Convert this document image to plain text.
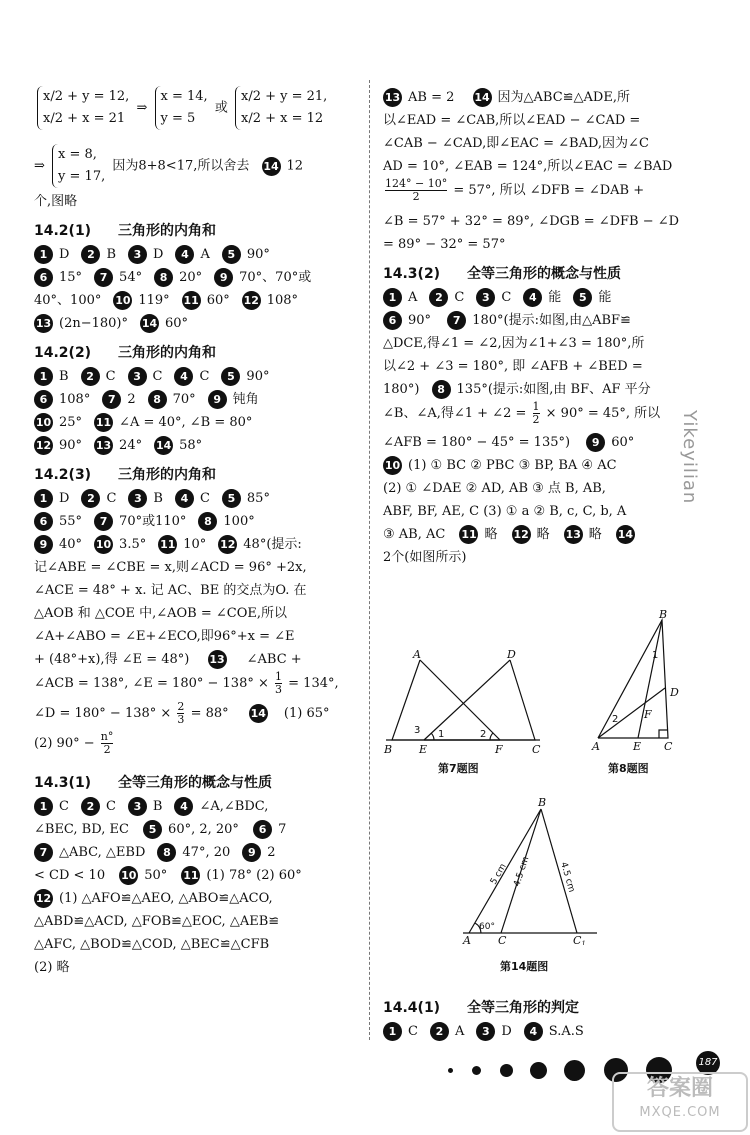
x/2 + y = 12,
x/2 + x = 21
⇒
x = 14,
y = 5
或
x/2 + y = 21,
x/2 + x = 12
⇒
x = 8,
y = 17,
因为8+8<17,所以舍去 14 12
个,图略
14.2(1) 三角形的内角和
1 D 2 B 3 D 4 A 5 90°
6 15° 7 54° 8 20° 9 70°、70°或
40°、100° 10 119° 11 60° 12 108°
13 (2n−180)° 14 60°
14.2(2) 三角形的内角和
1 B 2 C 3 C 4 C 5 90°
6 108° 7 2 8 70° 9 钝角
10 25° 11 ∠A = 40°, ∠B = 80°
12 90° 13 24° 14 58°
14.2(3) 三角形的内角和
1 D 2 C 3 B 4 C 5 85°
6 55° 7 70°或110° 8 100°
9 40° 10 3.5° 11 10° 12 48°(提示:
记∠ABE = ∠CBE = x,则∠ACD = 96° +2x,
∠ACE = 48° + x. 记 AC、BE 的交点为O. 在
△AOB 和 △COE 中,∠AOB = ∠COE,所以
∠A+∠ABO = ∠E+∠ECO,即96°+x = ∠E
+ (48°+x),得 ∠E = 48°) 13 ∠ABC +
∠ACB = 138°, ∠E = $180^\circ - 138^\circ \times \frac{1}{3} = 134^\circ$,
∠D = $180^\circ - 138^\circ \times \frac{2}{3} = 88^\circ$ 14 (1) 65°
(2) $90^\circ - \frac{n^\circ}{2}$
14.3(1) 全等三角形的概念与性质
1 C 2 C 3 B 4 ∠A,∠BDC,
∠BEC, BD, EC 5 60°, 2, 20° 6 7
7 △ABC, △EBD 8 47°, 20 9 2
< CD < 10 10 50° 11 (1) 78° (2) 60°
12 (1) △AFO≌△AEO, △ABO≌△ACO,
△ABD≌△ACD, △FOB≌△EOC, △AEB≌
△AFC, △BOD≌△COD, △BEC≌△CFB
(2) 略
13 AB = 2 14 因为△ABC≌△ADE,所
以∠EAD = ∠CAB,所以∠EAD − ∠CAD =
∠CAB − ∠CAD,即∠EAC = ∠BAD,因为∠C
AD = 10°, ∠EAB = 124°,所以∠EAC = ∠BAD
$\frac{124^\circ - 10^\circ}{2} = 57^\circ$, 所以 ∠DFB = ∠DAB +
∠B = 57° + 32° = 89°, ∠DGB = ∠DFB − ∠D
= 89° − 32° = 57°
14.3(2) 全等三角形的概念与性质
1 A 2 C 3 C 4 能 5 能
6 90° 7 180°(提示:如图,由△ABF≌
△DCE,得∠1 = ∠2,因为∠1+∠3 = 180°,所
以∠2 + ∠3 = 180°, 即 ∠AFB + ∠BED =
180°) 8 135°(提示:如图,由 BF、AF 平分
∠B、∠A,得∠1 + ∠2 = $\frac{1}{2} \times 90^\circ = 45^\circ$, 所以
∠AFB = 180° − 45° = 135°) 9 60°
10 (1) ① BC ② PBC ③ BP, BA ④ AC
(2) ① ∠DAE ② AD, AB ③ 点 B, AB,
ABF, BF, AE, C (3) ① a ② B, c, C, b, A
③ AB, AC 11 略 12 略 13 略 14
2个(如图所示)
A	D
B E	F	C
1	2
3
第7题图
B
A	E C
D
F
1
2
第8题图
B
A C	C1
5 cm 4.5 cm	4.5 cm
60°
第14题图
14.4(1) 全等三角形的判定
1 C 2 A 3 D 4 S.A.S
187
Yikeyilian
答案圈
MXQE.COM
